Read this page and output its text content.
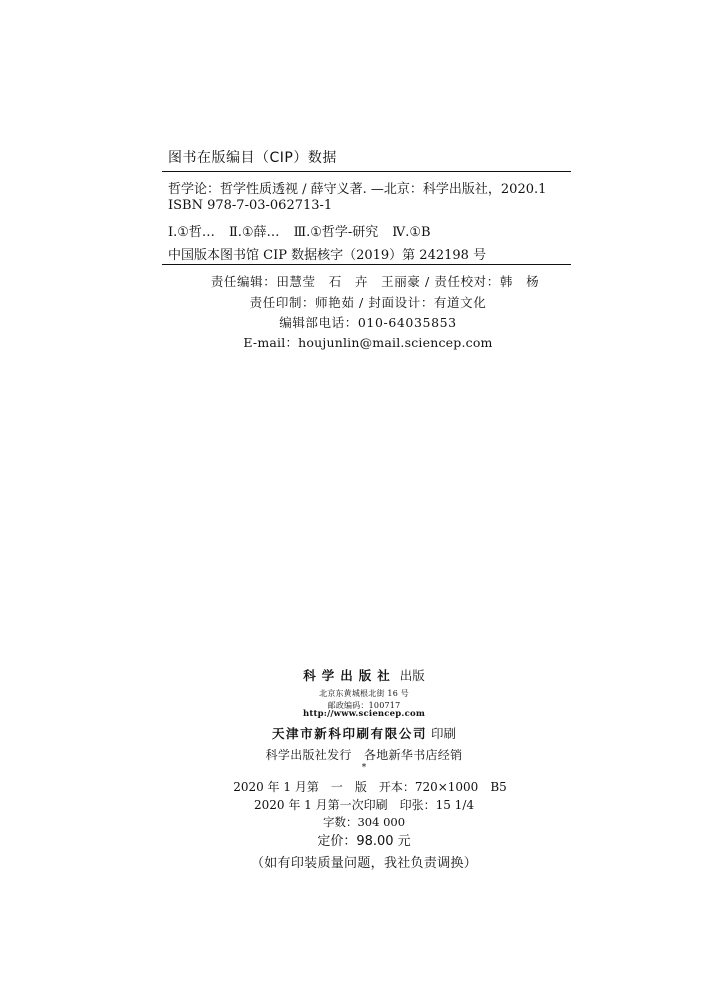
图书在版编目（CIP）数据
哲学论：哲学性质透视 / 薛守义著. —北京：科学出版社，2020.1
ISBN 978-7-03-062713-1
Ⅰ.①哲… Ⅱ.①薛… Ⅲ.①哲学-研究 Ⅳ.①B
中国版本图书馆 CIP 数据核字（2019）第 242198 号
责任编辑：田慧莹　石　卉　王丽豪 / 责任校对：韩　杨
责任印制：师艳茹 / 封面设计：有道文化
编辑部电话：010-64035853
E-mail：houjunlin@mail.sciencep.com
科学出版社 出版
北京东黄城根北街 16 号
邮政编码：100717
http://www.sciencep.com
天津市新科印刷有限公司 印刷
科学出版社发行　各地新华书店经销
*
2020 年 1 月第　一　版　开本：720×1000　B5
2020 年 1 月第一次印刷　印张：15 1/4
字数：304 000
定价：98.00 元
（如有印装质量问题，我社负责调换）
